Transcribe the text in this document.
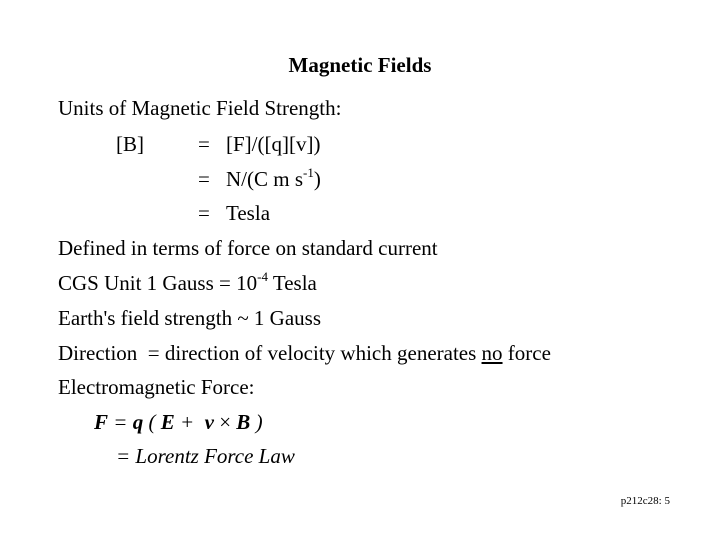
Magnetic Fields
Units of Magnetic Field Strength:
[B]	= [F]/([q][v])
= N/(C m $s^{-1}$)
= Tesla
Defined in terms of force on standard current
CGS Unit 1 Gauss = $10^{-4}$ Tesla
Earth's field strength ~ 1 Gauss
Direction  = direction of velocity which generates no force
Electromagnetic Force:
F = q ( E +  v × B )
= Lorentz Force Law
p212c28: 5
